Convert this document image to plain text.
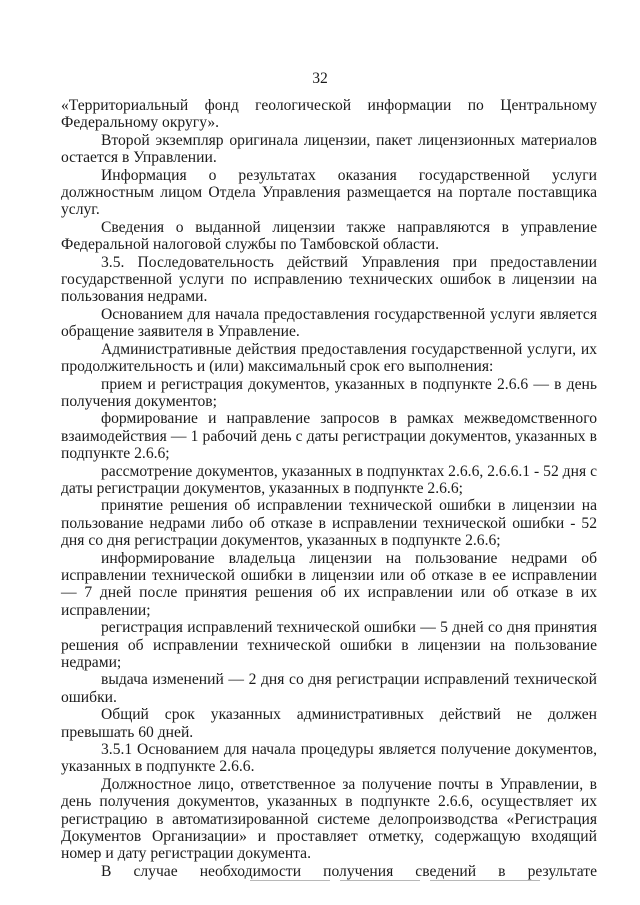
32

«Территориальный фонд геологической информации по Центральному Федеральному округу».

Второй экземпляр оригинала лицензии, пакет лицензионных материалов остается в Управлении.

Информация о результатах оказания государственной услуги должностным лицом Отдела Управления размещается на портале поставщика услуг.

Сведения о выданной лицензии также направляются в управление Федеральной налоговой службы по Тамбовской области.

3.5. Последовательность действий Управления при предоставлении государственной услуги по исправлению технических ошибок в лицензии на пользования недрами.

Основанием для начала предоставления государственной услуги является обращение заявителя в Управление.

Административные действия предоставления государственной услуги, их продолжительность и (или) максимальный срок его выполнения:

прием и регистрация документов, указанных в подпункте 2.6.6 — в день получения документов;

формирование и направление запросов в рамках межведомственного взаимодействия — 1 рабочий день с даты регистрации документов, указанных в подпункте 2.6.6;

рассмотрение документов, указанных в подпунктах 2.6.6, 2.6.6.1 - 52 дня с даты регистрации документов, указанных в подпункте 2.6.6;

принятие решения об исправлении технической ошибки в лицензии на пользование недрами либо об отказе в исправлении технической ошибки - 52 дня со дня регистрации документов, указанных в подпункте 2.6.6;

информирование владельца лицензии на пользование недрами об исправлении технической ошибки в лицензии или об отказе в ее исправлении — 7 дней после принятия решения об их исправлении или об отказе в их исправлении;

регистрация исправлений технической ошибки — 5 дней со дня принятия решения об исправлении технической ошибки в лицензии на пользование недрами;

выдача изменений — 2 дня со дня регистрации исправлений технической ошибки.

Общий срок указанных административных действий не должен превышать 60 дней.

3.5.1 Основанием для начала процедуры является получение документов, указанных в подпункте 2.6.6.

Должностное лицо, ответственное за получение почты в Управлении, в день получения документов, указанных в подпункте 2.6.6, осуществляет их регистрацию в автоматизированной системе делопроизводства «Регистрация Документов Организации» и проставляет отметку, содержащую входящий номер и дату регистрации документа.

В случае необходимости получения сведений в результате
